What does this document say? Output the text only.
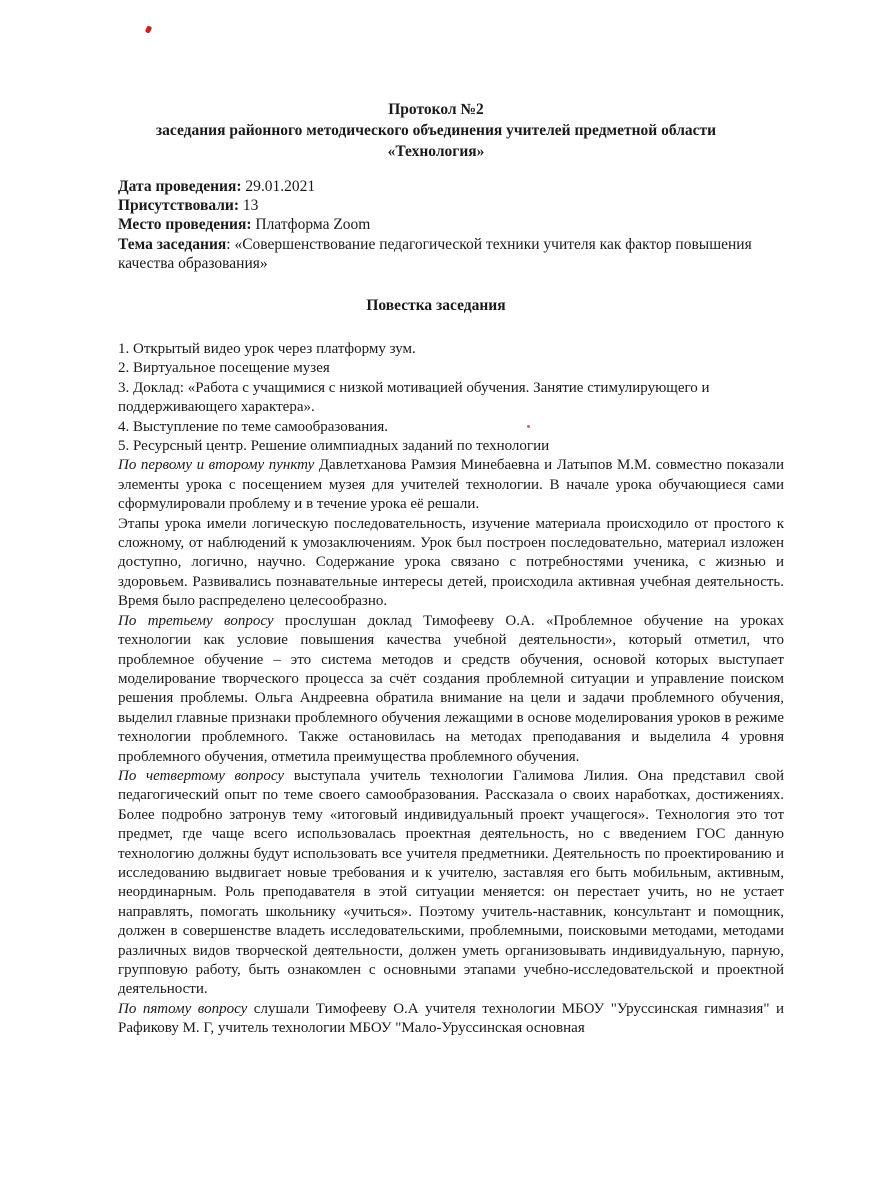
Протокол №2
заседания районного методического объединения учителей предметной области
«Технология»
Дата проведения: 29.01.2021
Присутствовали: 13
Место проведения: Платформа Zoom
Тема заседания: «Совершенствование педагогической техники учителя как фактор повышения качества образования»
Повестка заседания

1. Открытый видео урок через платформу зум.

2. Виртуальное посещение музея

3. Доклад: «Работа с учащимися с низкой мотивацией обучения. Занятие стимулирующего и поддерживающего характера».

4. Выступление по теме самообразования.

5. Ресурсный центр. Решение олимпиадных заданий по технологии

По первому и второму пункту Давлетханова Рамзия Минебаевна и Латыпов М.М. совместно показали элементы урока с посещением музея для учителей технологии. В начале урока обучающиеся сами сформулировали проблему и в течение урока её решали.

Этапы урока имели логическую последовательность, изучение материала происходило от простого к сложному, от наблюдений к умозаключениям. Урок был построен последовательно, материал изложен доступно, логично, научно. Содержание урока связано с потребностями ученика, с жизнью и здоровьем. Развивались познавательные интересы детей, происходила активная учебная деятельность. Время было распределено целесообразно.

По третьему вопросу прослушан доклад Тимофееву О.А. «Проблемное обучение на уроках технологии как условие повышения качества учебной деятельности», который отметил, что проблемное обучение – это система методов и средств обучения, основой которых выступает моделирование творческого процесса за счёт создания проблемной ситуации и управление поиском решения проблемы. Ольга Андреевна обратила внимание на цели и задачи проблемного обучения, выделил главные признаки проблемного обучения лежащими в основе моделирования уроков в режиме технологии проблемного. Также остановилась на методах преподавания и выделила 4 уровня проблемного обучения, отметила преимущества проблемного обучения.

По четвертому вопросу выступала учитель технологии Галимова Лилия. Она представил свой педагогический опыт по теме своего самообразования. Рассказала о своих наработках, достижениях. Более подробно затронув тему «итоговый индивидуальный проект учащегося». Технология это тот предмет, где чаще всего использовалась проектная деятельность, но с введением ГОС данную технологию должны будут использовать все учителя предметники. Деятельность по проектированию и исследованию выдвигает новые требования и к учителю, заставляя его быть мобильным, активным, неординарным. Роль преподавателя в этой ситуации меняется: он перестает учить, но не устает направлять, помогать школьнику «учиться». Поэтому учитель-наставник, консультант и помощник, должен в совершенстве владеть исследовательскими, проблемными, поисковыми методами, методами различных видов творческой деятельности, должен уметь организовывать индивидуальную, парную, групповую работу, быть ознакомлен с основными этапами учебно-исследовательской и проектной деятельности.

По пятому вопросу слушали Тимофееву О.А учителя технологии МБОУ "Уруссинская гимназия" и Рафикову М. Г, учитель технологии МБОУ "Мало-Уруссинская основная
